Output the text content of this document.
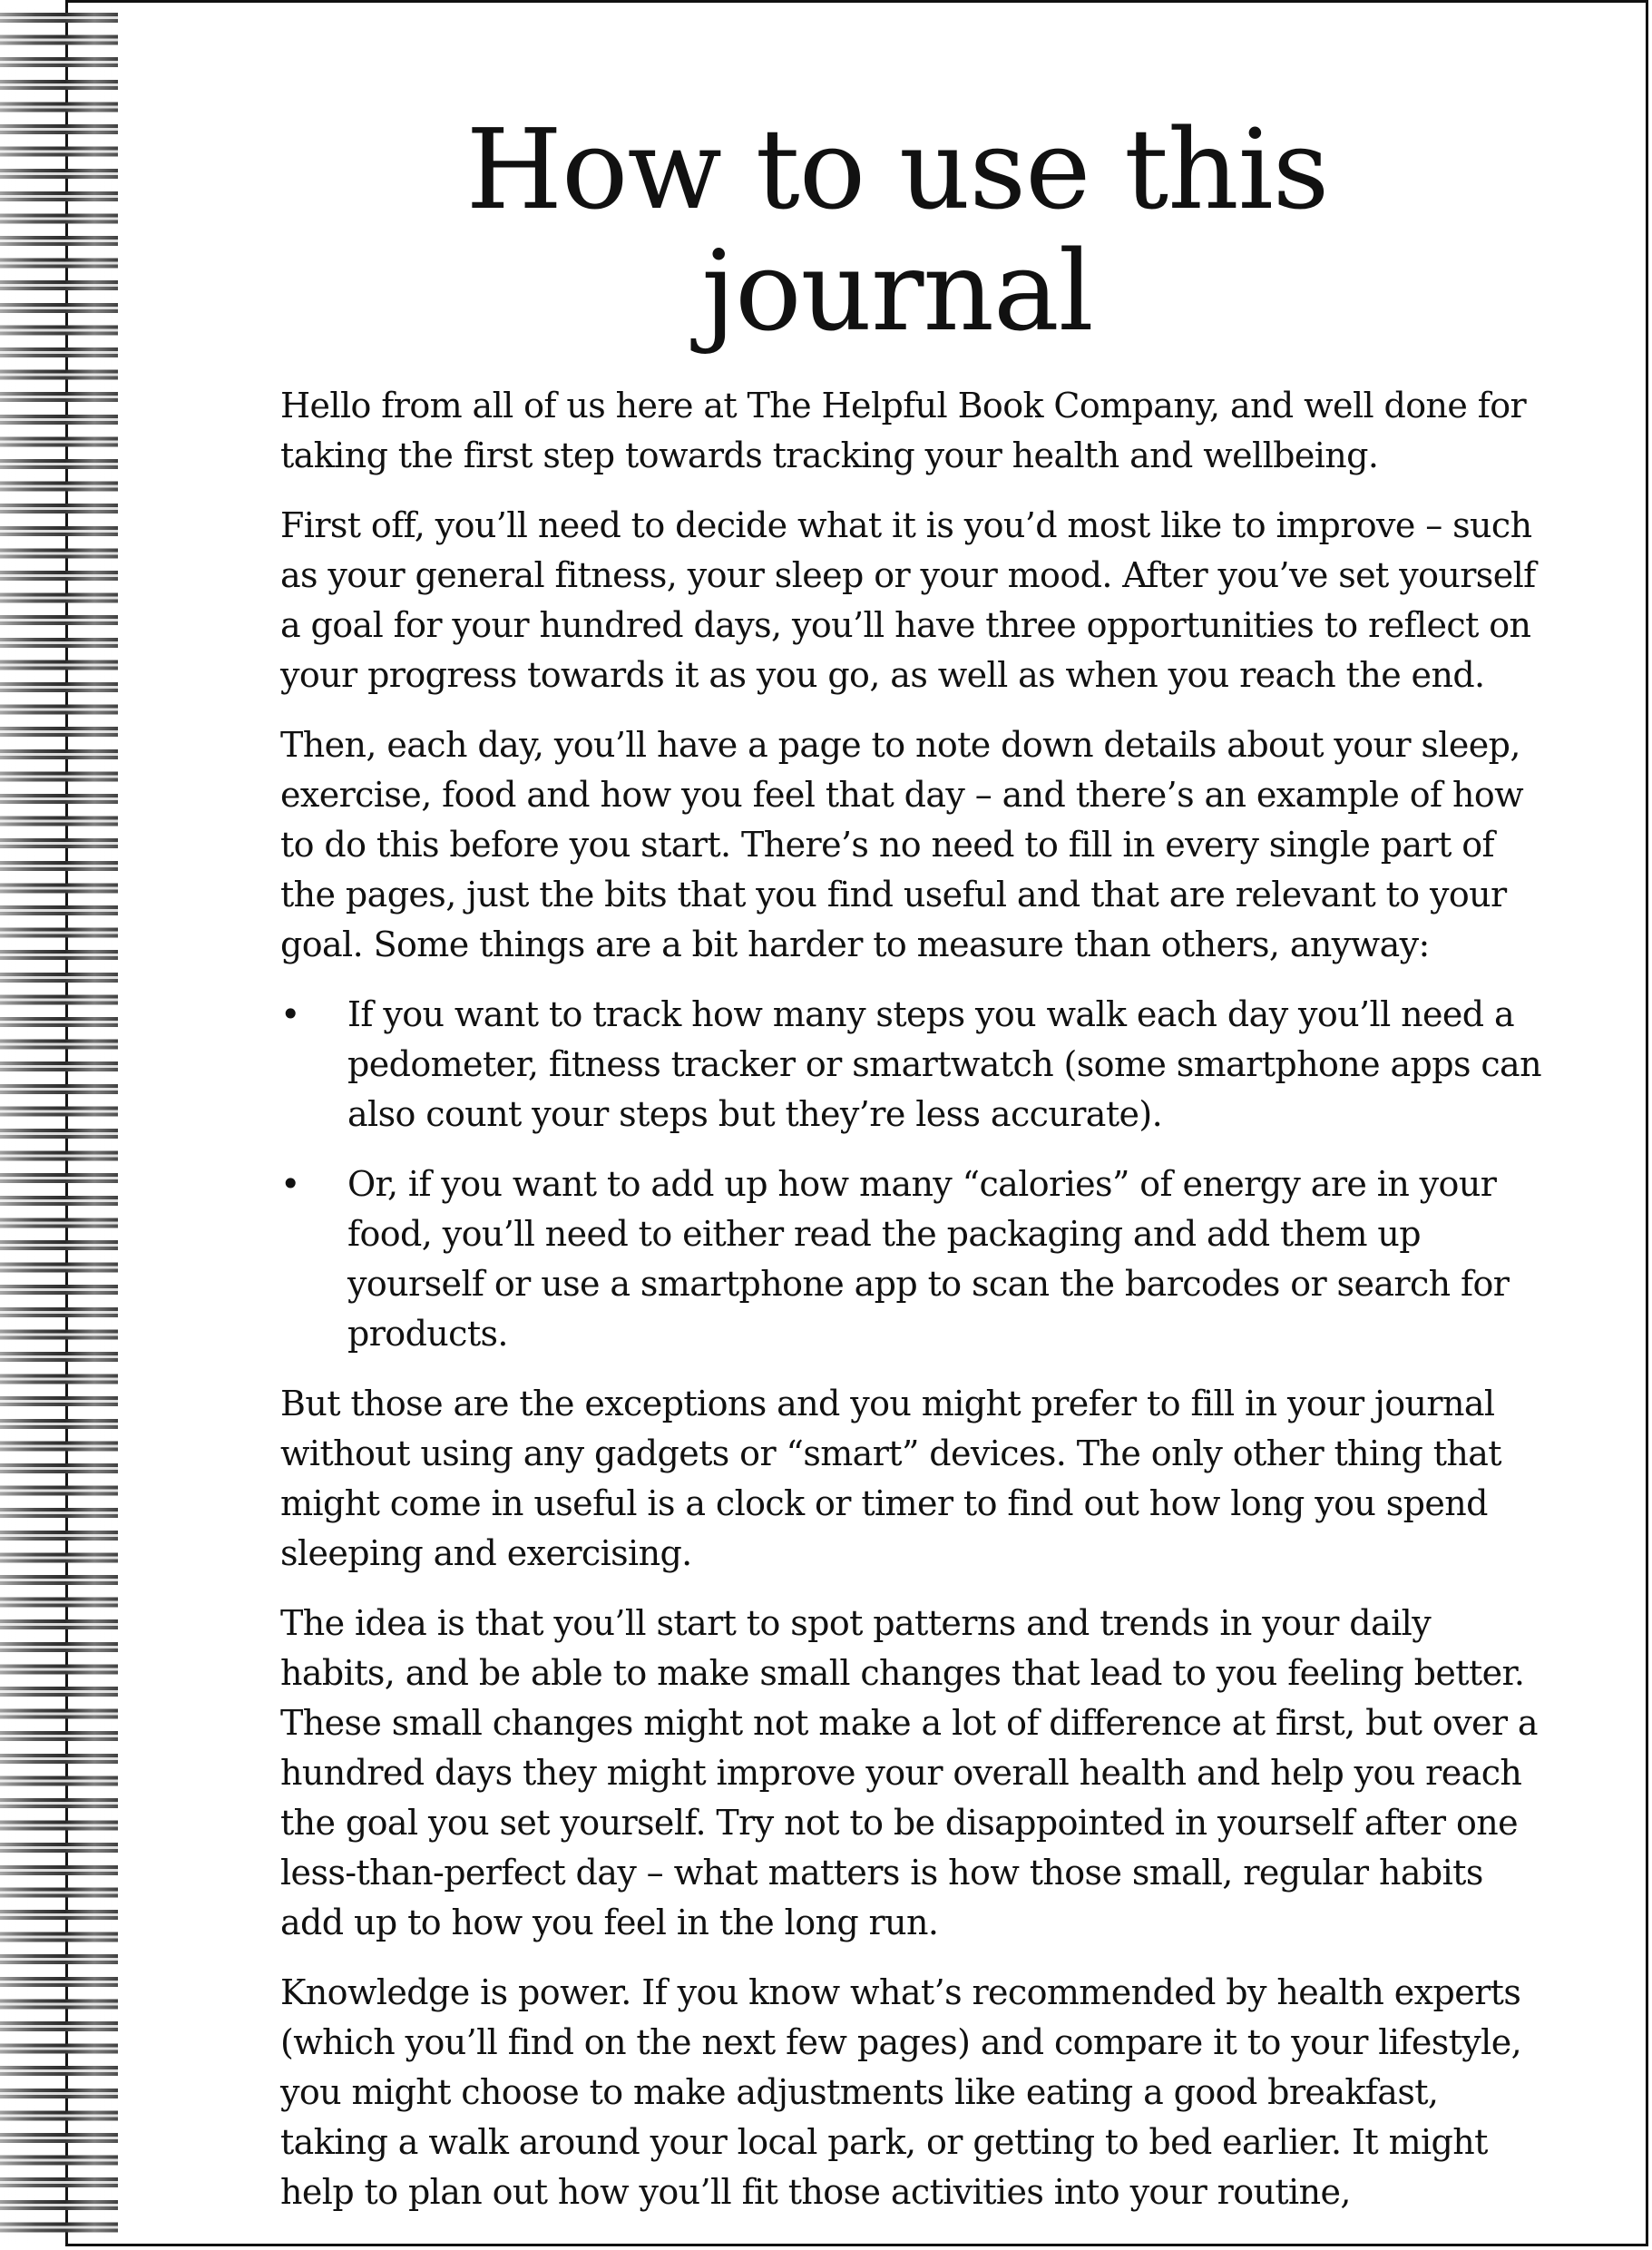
How to use this journal

Hello from all of us here at The Helpful Book Company, and well done for taking the first step towards tracking your health and wellbeing.

First off, you’ll need to decide what it is you’d most like to improve – such as your general fitness, your sleep or your mood. After you’ve set yourself a goal for your hundred days, you’ll have three opportunities to reflect on your progress towards it as you go, as well as when you reach the end.

Then, each day, you’ll have a page to note down details about your sleep, exercise, food and how you feel that day – and there’s an example of how to do this before you start. There’s no need to fill in every single part of the pages, just the bits that you find useful and that are relevant to your goal. Some things are a bit harder to measure than others, anyway:

• If you want to track how many steps you walk each day you’ll need a pedometer, fitness tracker or smartwatch (some smartphone apps can also count your steps but they’re less accurate).
• Or, if you want to add up how many “calories” of energy are in your food, you’ll need to either read the packaging and add them up yourself or use a smartphone app to scan the barcodes or search for products.

But those are the exceptions and you might prefer to fill in your journal without using any gadgets or “smart” devices. The only other thing that might come in useful is a clock or timer to find out how long you spend sleeping and exercising.

The idea is that you’ll start to spot patterns and trends in your daily habits, and be able to make small changes that lead to you feeling better. These small changes might not make a lot of difference at first, but over a hundred days they might improve your overall health and help you reach the goal you set yourself. Try not to be disappointed in yourself after one less-than-perfect day – what matters is how those small, regular habits add up to how you feel in the long run.

Knowledge is power. If you know what’s recommended by health experts (which you’ll find on the next few pages) and compare it to your lifestyle, you might choose to make adjustments like eating a good breakfast, taking a walk around your local park, or getting to bed earlier. It might help to plan out how you’ll fit those activities into your routine,
